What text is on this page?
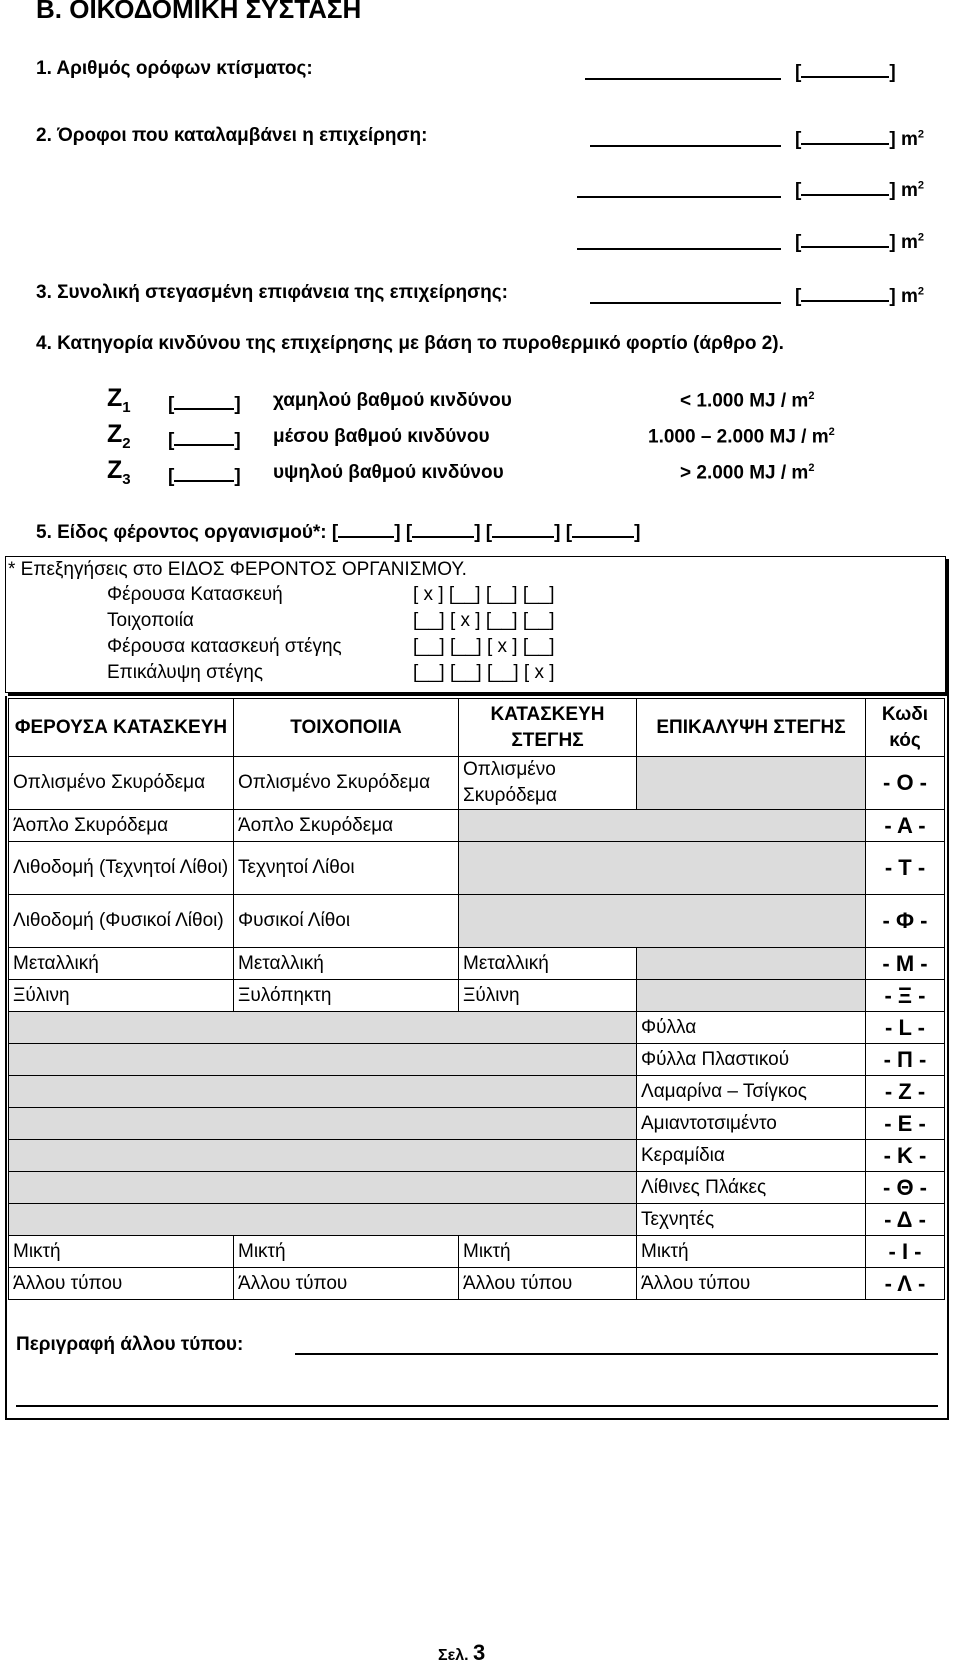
Β. ΟΙΚΟΔΟΜΙΚΗ ΣΥΣΤΑΣΗ
1. Αριθμός ορόφων κτίσματος:	[	]
2. Όροφοι που καταλαμβάνει η επιχείρηση:	[	] $m^2$
[	] $m^2$
[	] $m^2$
3. Συνολική στεγασμένη επιφάνεια της επιχείρησης:	[	] $m^2$
4. Κατηγορία κινδύνου της επιχείρησης με βάση το πυροθερμικό φορτίο (άρθρο 2).
$Z_1$ [	] χαμηλού βαθμού κινδύνου	< 1.000 MJ / $m^2$
$Z_2$ [	] μέσου βαθμού κινδύνου	1.000 – 2.000 MJ / $m^2$
$Z_3$ [	] υψηλού βαθμού κινδύνου	> 2.000 MJ / $m^2$
5. Είδος φέροντος οργανισμού*: [	] [	] [	] [	]
* Επεξηγήσεις στο ΕΙΔΟΣ ΦΕΡΟΝΤΟΣ ΟΡΓΑΝΙΣΜΟΥ.
Φέρουσα Κατασκευή	[ x ] [__] [__] [__]
Τοιχοποιία	[__] [ x ] [__] [__]
Φέρουσα κατασκευή στέγης	[__] [__] [ x ] [__]
Επικάλυψη στέγης	[__] [__] [__] [ x ]
ΦΕΡΟΥΣΑ ΚΑΤΑΣΚΕΥΗ	ΤΟΙΧΟΠΟΙΙΑ	ΚΑΤΑΣΚΕΥΗ ΣΤΕΓΗΣ	ΕΠΙΚΑΛΥΨΗ ΣΤΕΓΗΣ	Κωδι κός
Οπλισμένο Σκυρόδεμα	Οπλισμένο Σκυρόδεμα	Οπλισμένο Σκυρόδεμα		- O -
Άοπλο Σκυρόδεμα	Άοπλο Σκυρόδεμα			- A -
Λιθοδομή (Τεχνητοί Λίθοι)	Τεχνητοί Λίθοι			- T -
Λιθοδομή (Φυσικοί Λίθοι)	Φυσικοί Λίθοι			- Φ -
Μεταλλική	Μεταλλική	Μεταλλική		- M -
Ξύλινη	Ξυλόπηκτη	Ξύλινη		- Ξ -
			Φύλλα	- L -
			Φύλλα Πλαστικού	- Π -
			Λαμαρίνα – Τσίγκος	- Z -
			Αμιαντοτσιμέντο	- E -
			Κεραμίδια	- K -
			Λίθινες Πλάκες	- Θ -
			Τεχνητές	- Δ -
Μικτή	Μικτή	Μικτή	Μικτή	- I -
Άλλου τύπου	Άλλου τύπου	Άλλου τύπου	Άλλου τύπου	- Λ -
Περιγραφή άλλου τύπου:
Σελ. 3
